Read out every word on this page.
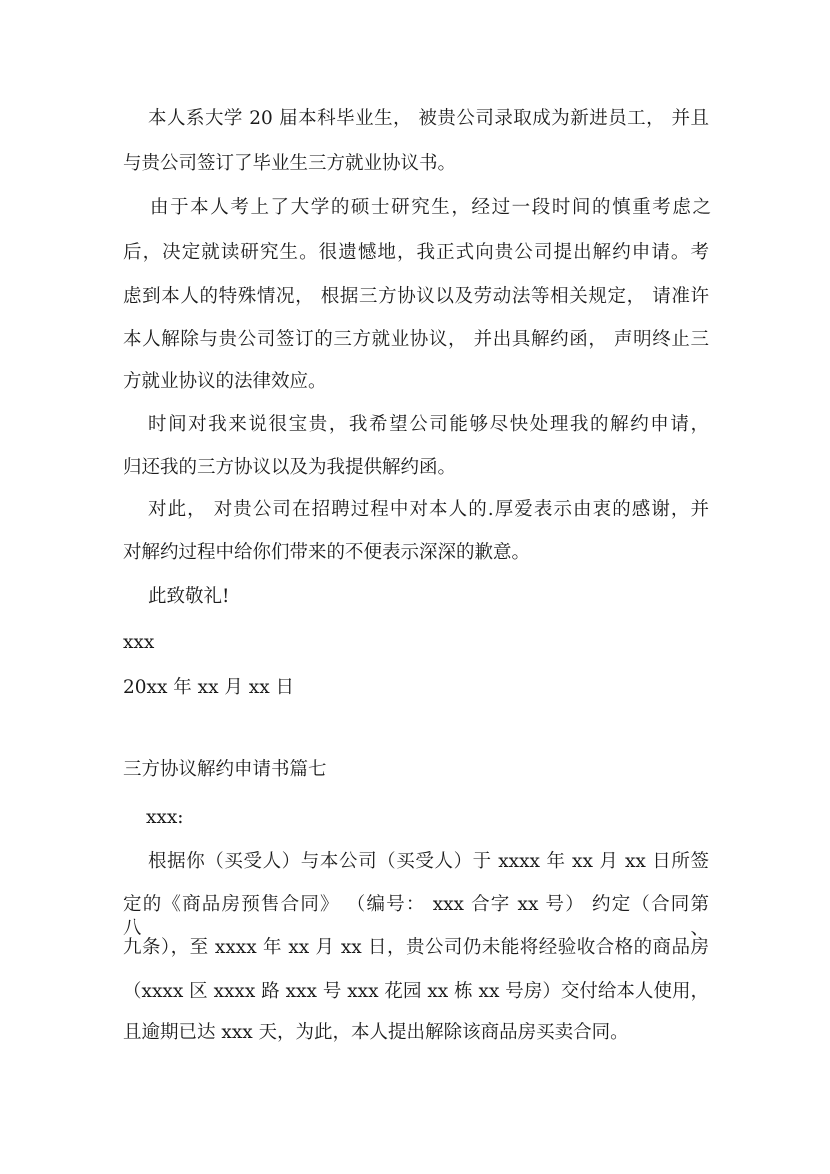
本人系大学 20 届本科毕业生， 被贵公司录取成为新进员工， 并且
与贵公司签订了毕业生三方就业协议书。
由于本人考上了大学的硕士研究生，经过一段时间的慎重考虑之
后，决定就读研究生。很遗憾地，我正式向贵公司提出解约申请。考
虑到本人的特殊情况， 根据三方协议以及劳动法等相关规定， 请准许
本人解除与贵公司签订的三方就业协议， 并出具解约函， 声明终止三
方就业协议的法律效应。
时间对我来说很宝贵，我希望公司能够尽快处理我的解约申请，
归还我的三方协议以及为我提供解约函。
对此， 对贵公司在招聘过程中对本人的.厚爱表示由衷的感谢，并
对解约过程中给你们带来的不便表示深深的歉意。
此致敬礼!
xxx
20xx 年 xx 月 xx 日
三方协议解约申请书篇七
xxx:
根据你（买受人）与本公司（买受人）于 xxxx 年 xx 月 xx 日所签
定的《商品房预售合同》 （编号： xxx 合字 xx 号） 约定（合同第八、
九条），至 xxxx 年 xx 月 xx 日，贵公司仍未能将经验收合格的商品房
（xxxx 区 xxxx 路 xxx 号 xxx 花园 xx 栋 xx 号房）交付给本人使用，
且逾期已达 xxx 天，为此，本人提出解除该商品房买卖合同。
